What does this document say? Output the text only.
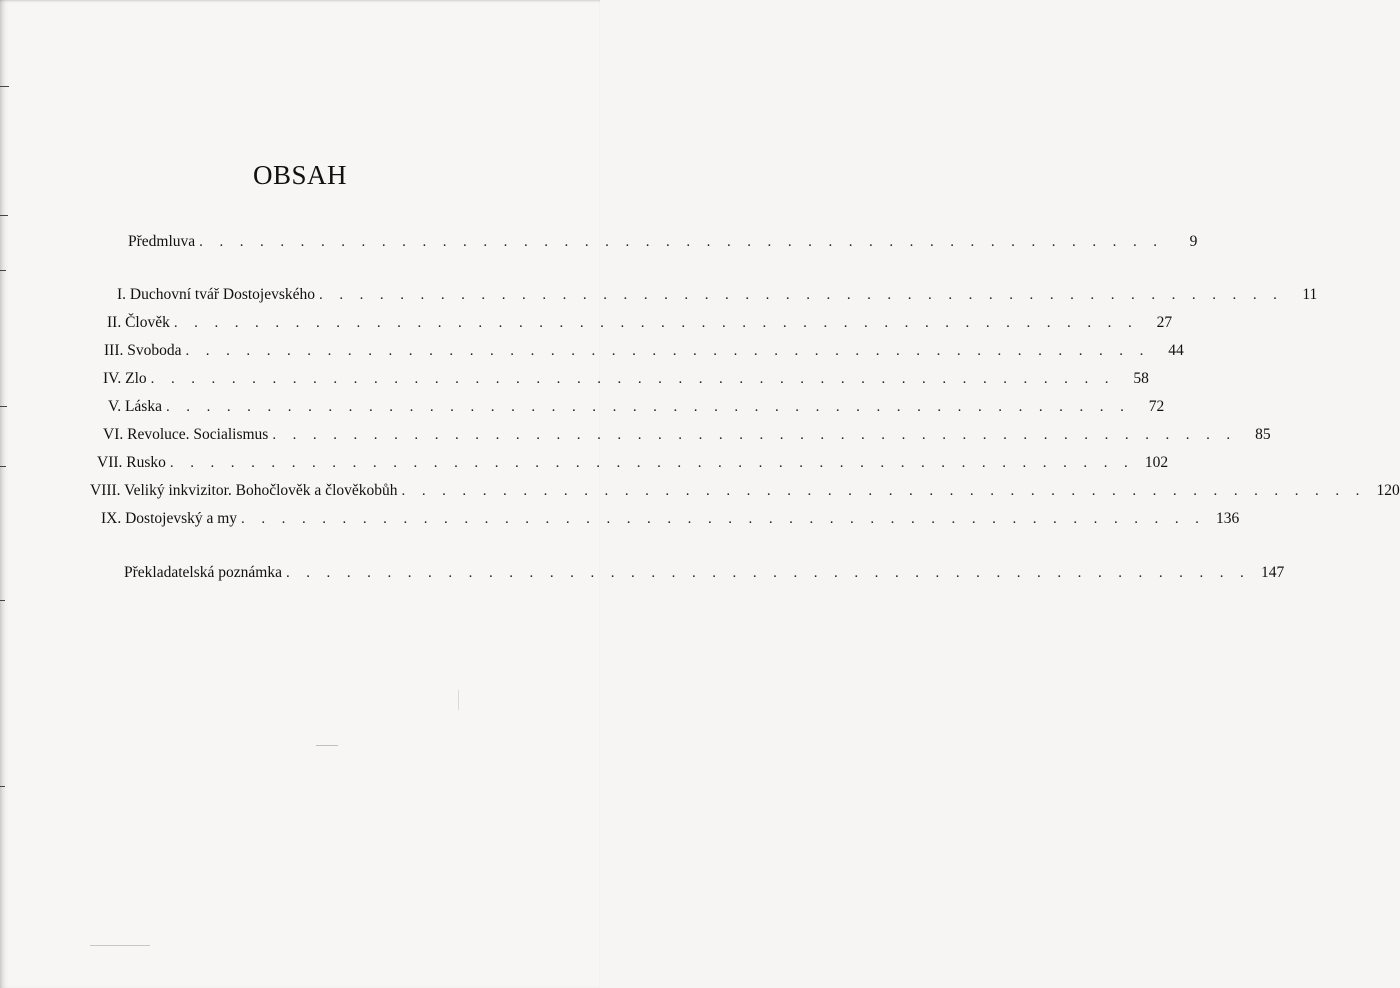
OBSAH
Předmluva . . . . . . . . . . . . . . . . . . . . . . . . . . . . . . . . . . . . . . . . . . . . . . . .	9
I. Duchovní tvář Dostojevského . . . . . . . . . . . . . . . . . . . . . . . . . . . . . . . . . . . . . . . . . . . . . . . .	11
II. Člověk . . . . . . . . . . . . . . . . . . . . . . . . . . . . . . . . . . . . . . . . . . . . . . . .	27
III. Svoboda . . . . . . . . . . . . . . . . . . . . . . . . . . . . . . . . . . . . . . . . . . . . . . . .	44
IV. Zlo . . . . . . . . . . . . . . . . . . . . . . . . . . . . . . . . . . . . . . . . . . . . . . . .	58
V. Láska . . . . . . . . . . . . . . . . . . . . . . . . . . . . . . . . . . . . . . . . . . . . . . . .	72
VI. Revoluce. Socialismus . . . . . . . . . . . . . . . . . . . . . . . . . . . . . . . . . . . . . . . . . . . . . . . .	85
VII. Rusko . . . . . . . . . . . . . . . . . . . . . . . . . . . . . . . . . . . . . . . . . . . . . . . . 102
VIII. Veliký inkvizitor. Bohočlověk a člověkobůh . . . . . . . . . . . . . . . . . . . . . . . . . . . . . . . . . . . . . . . . . . . . . . . . 120
IX. Dostojevský a my . . . . . . . . . . . . . . . . . . . . . . . . . . . . . . . . . . . . . . . . . . . . . . . . 136
Překladatelská poznámka . . . . . . . . . . . . . . . . . . . . . . . . . . . . . . . . . . . . . . . . . . . . . . . . 147
